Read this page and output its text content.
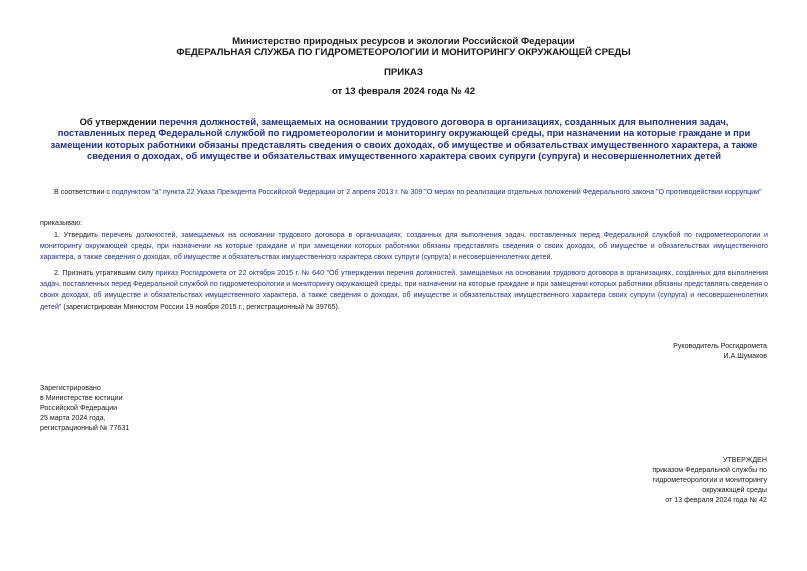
Министерство природных ресурсов и экологии Российской Федерации
ФЕДЕРАЛЬНАЯ СЛУЖБА ПО ГИДРОМЕТЕОРОЛОГИИ И МОНИТОРИНГУ ОКРУЖАЮЩЕЙ СРЕДЫ
ПРИКАЗ
от 13 февраля 2024 года № 42
Об утверждении перечня должностей, замещаемых на основании трудового договора в организациях, созданных для выполнения задач, поставленных перед Федеральной службой по гидрометеорологии и мониторингу окружающей среды, при назначении на которые граждане и при замещении которых работники обязаны представлять сведения о своих доходах, об имуществе и обязательствах имущественного характера, а также сведения о доходах, об имуществе и обязательствах имущественного характера своих супруги (супруга) и несовершеннолетних детей
В соответствии с подпунктом "а" пункта 22 Указа Президента Российской Федерации от 2 апреля 2013 г. № 309 "О мерах по реализации отдельных положений Федерального закона "О противодействии коррупции"
приказываю:
1. Утвердить перечень должностей, замещаемых на основании трудового договора в организациях, созданных для выполнения задач, поставленных перед Федеральной службой по гидрометеорологии и мониторингу окружающей среды, при назначении на которые граждане и при замещении которых работники обязаны представлять сведения о своих доходах, об имуществе и обязательствах имущественного характера, а также сведения о доходах, об имуществе и обязательствах имущественного характера своих супруги (супруга) и несовершеннолетних детей.
2. Признать утратившим силу приказ Росгидромета от 22 октября 2015 г. № 640 "Об утверждении перечня должностей, замещаемых на основании трудового договора в организациях, созданных для выполнения задач, поставленных перед Федеральной службой по гидрометеорологии и мониторингу окружающей среды, при назначении на которые граждане и при замещении которых работники обязаны представлять сведения о своих доходах, об имуществе и обязательствах имущественного характера, а также сведения о доходах, об имуществе и обязательствах имущественного характера своих супруги (супруга) и несовершеннолетних детей" (зарегистрирован Минюстом России 19 ноября 2015 г., регистрационный № 39765).
Руководитель Росгидромета
И.А.Шумаков
Зарегистрировано
в Министерстве юстиции
Российской Федерации
25 марта 2024 года,
регистрационный № 77631
УТВЕРЖДЕН
приказом Федеральной службы по
гидрометеорологии и мониторингу
окружающей среды
от 13 февраля 2024 года № 42
